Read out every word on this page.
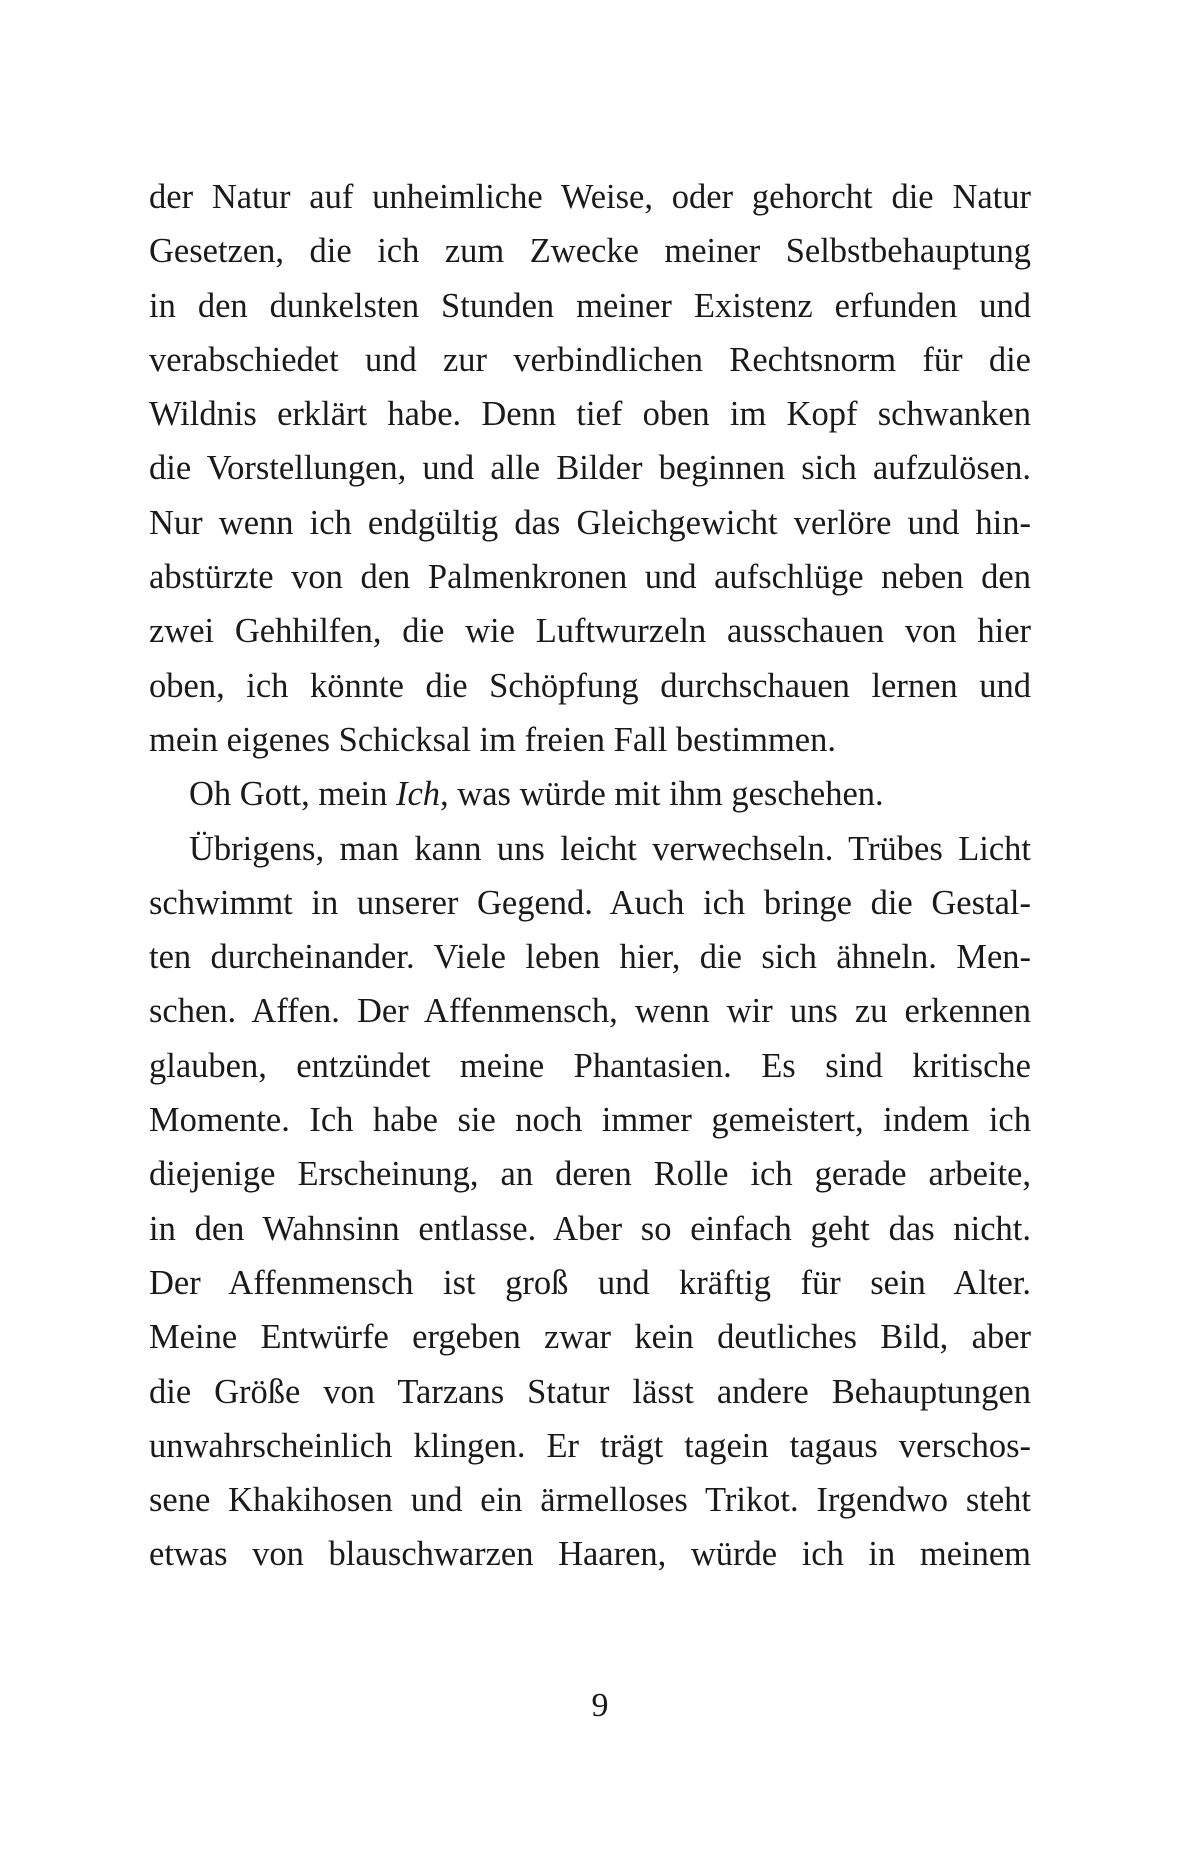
der Natur auf unheimliche Weise, oder gehorcht die Natur
Gesetzen, die ich zum Zwecke meiner Selbstbehauptung
in den dunkelsten Stunden meiner Existenz erfunden und
verabschiedet und zur verbindlichen Rechtsnorm für die
Wildnis erklärt habe. Denn tief oben im Kopf schwanken
die Vorstellungen, und alle Bilder beginnen sich aufzulösen.
Nur wenn ich endgültig das Gleichgewicht verlöre und hin-
abstürzte von den Palmenkronen und aufschlüge neben den
zwei Gehhilfen, die wie Luftwurzeln ausschauen von hier
oben, ich könnte die Schöpfung durchschauen lernen und
mein eigenes Schicksal im freien Fall bestimmen.
Oh Gott, mein Ich, was würde mit ihm geschehen.
Übrigens, man kann uns leicht verwechseln. Trübes Licht
schwimmt in unserer Gegend. Auch ich bringe die Gestal-
ten durcheinander. Viele leben hier, die sich ähneln. Men-
schen. Affen. Der Affenmensch, wenn wir uns zu erkennen
glauben, entzündet meine Phantasien. Es sind kritische
Momente. Ich habe sie noch immer gemeistert, indem ich
diejenige Erscheinung, an deren Rolle ich gerade arbeite,
in den Wahnsinn entlasse. Aber so einfach geht das nicht.
Der Affenmensch ist groß und kräftig für sein Alter.
Meine Entwürfe ergeben zwar kein deutliches Bild, aber
die Größe von Tarzans Statur lässt andere Behauptungen
unwahrscheinlich klingen. Er trägt tagein tagaus verschos-
sene Khakihosen und ein ärmelloses Trikot. Irgendwo steht
etwas von blauschwarzen Haaren, würde ich in meinem
9
